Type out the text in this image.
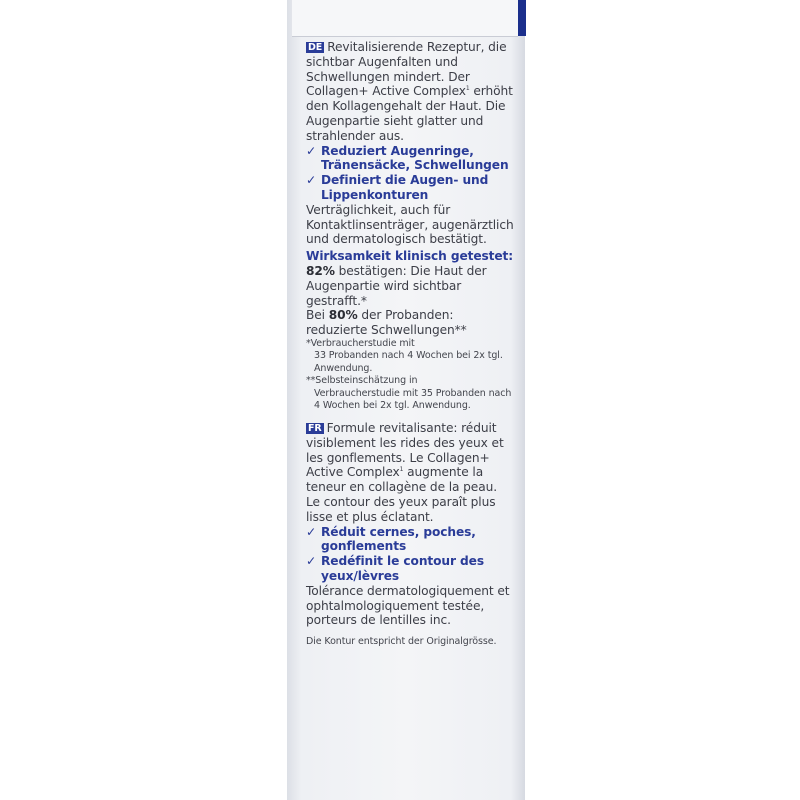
DE Revitalisierende Rezeptur, die sichtbar Augenfalten und Schwellungen mindert. Der Collagen+ Active Complex$^1$ erhöht den Kollagengehalt der Haut. Die Augenpartie sieht glatter und strahlender aus.

✓ Reduziert Augenringe, Tränensäcke, Schwellungen
✓ Definiert die Augen- und Lippenkonturen

Verträglichkeit, auch für Kontaktlinsenträger, augenärztlich und dermatologisch bestätigt.

Wirksamkeit klinisch getestet: 82% bestätigen: Die Haut der Augenpartie wird sichtbar gestrafft.*

Bei 80% der Probanden: reduzierte Schwellungen**

*Verbraucherstudie mit
33 Probanden nach 4 Wochen bei 2x tgl. Anwendung.
**Selbsteinschätzung in
Verbraucherstudie mit 35 Probanden nach 4 Wochen bei 2x tgl. Anwendung.

FR Formule revitalisante: réduit visiblement les rides des yeux et les gonflements. Le Collagen+ Active Complex$^1$ augmente la teneur en collagène de la peau. Le contour des yeux paraît plus lisse et plus éclatant.

✓ Réduit cernes, poches, gonflements
✓ Redéfinit le contour des yeux/lèvres

Tolérance dermatologiquement et ophtalmologiquement testée, porteurs de lentilles inc.

Die Kontur entspricht der Originalgrösse.
